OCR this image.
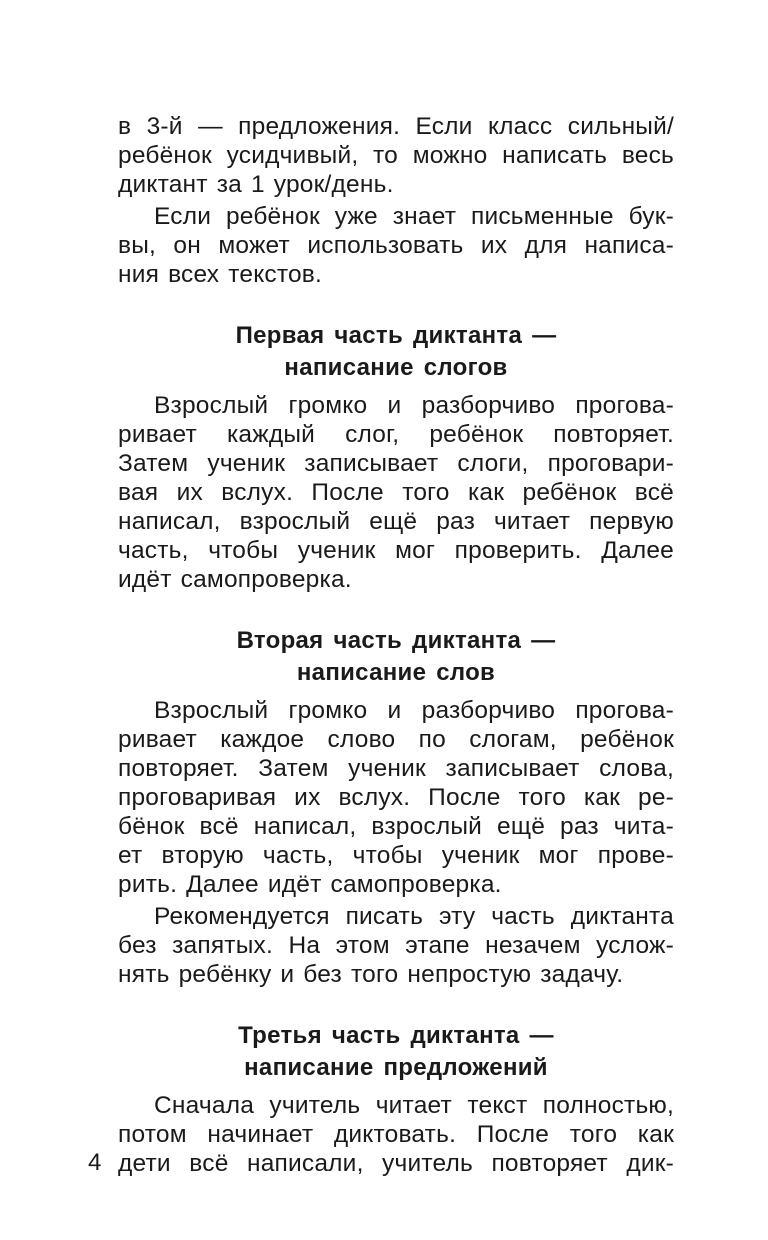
в 3-й — предложения. Если класс сильный/
ребёнок усидчивый, то можно написать весь
диктант за 1 урок/день.
Если ребёнок уже знает письменные бук-
вы, он может использовать их для написа-
ния всех текстов.
Первая часть диктанта —
написание слогов
Взрослый громко и разборчиво прогова-
ривает каждый слог, ребёнок повторяет.
Затем ученик записывает слоги, проговари-
вая их вслух. После того как ребёнок всё
написал, взрослый ещё раз читает первую
часть, чтобы ученик мог проверить. Далее
идёт самопроверка.
Вторая часть диктанта —
написание слов
Взрослый громко и разборчиво прогова-
ривает каждое слово по слогам, ребёнок
повторяет. Затем ученик записывает слова,
проговаривая их вслух. После того как ре-
бёнок всё написал, взрослый ещё раз чита-
ет вторую часть, чтобы ученик мог прове-
рить. Далее идёт самопроверка.
Рекомендуется писать эту часть диктанта
без запятых. На этом этапе незачем услож-
нять ребёнку и без того непростую задачу.
Третья часть диктанта —
написание предложений
Сначала учитель читает текст полностью,
потом начинает диктовать. После того как
дети всё написали, учитель повторяет дик-
4
